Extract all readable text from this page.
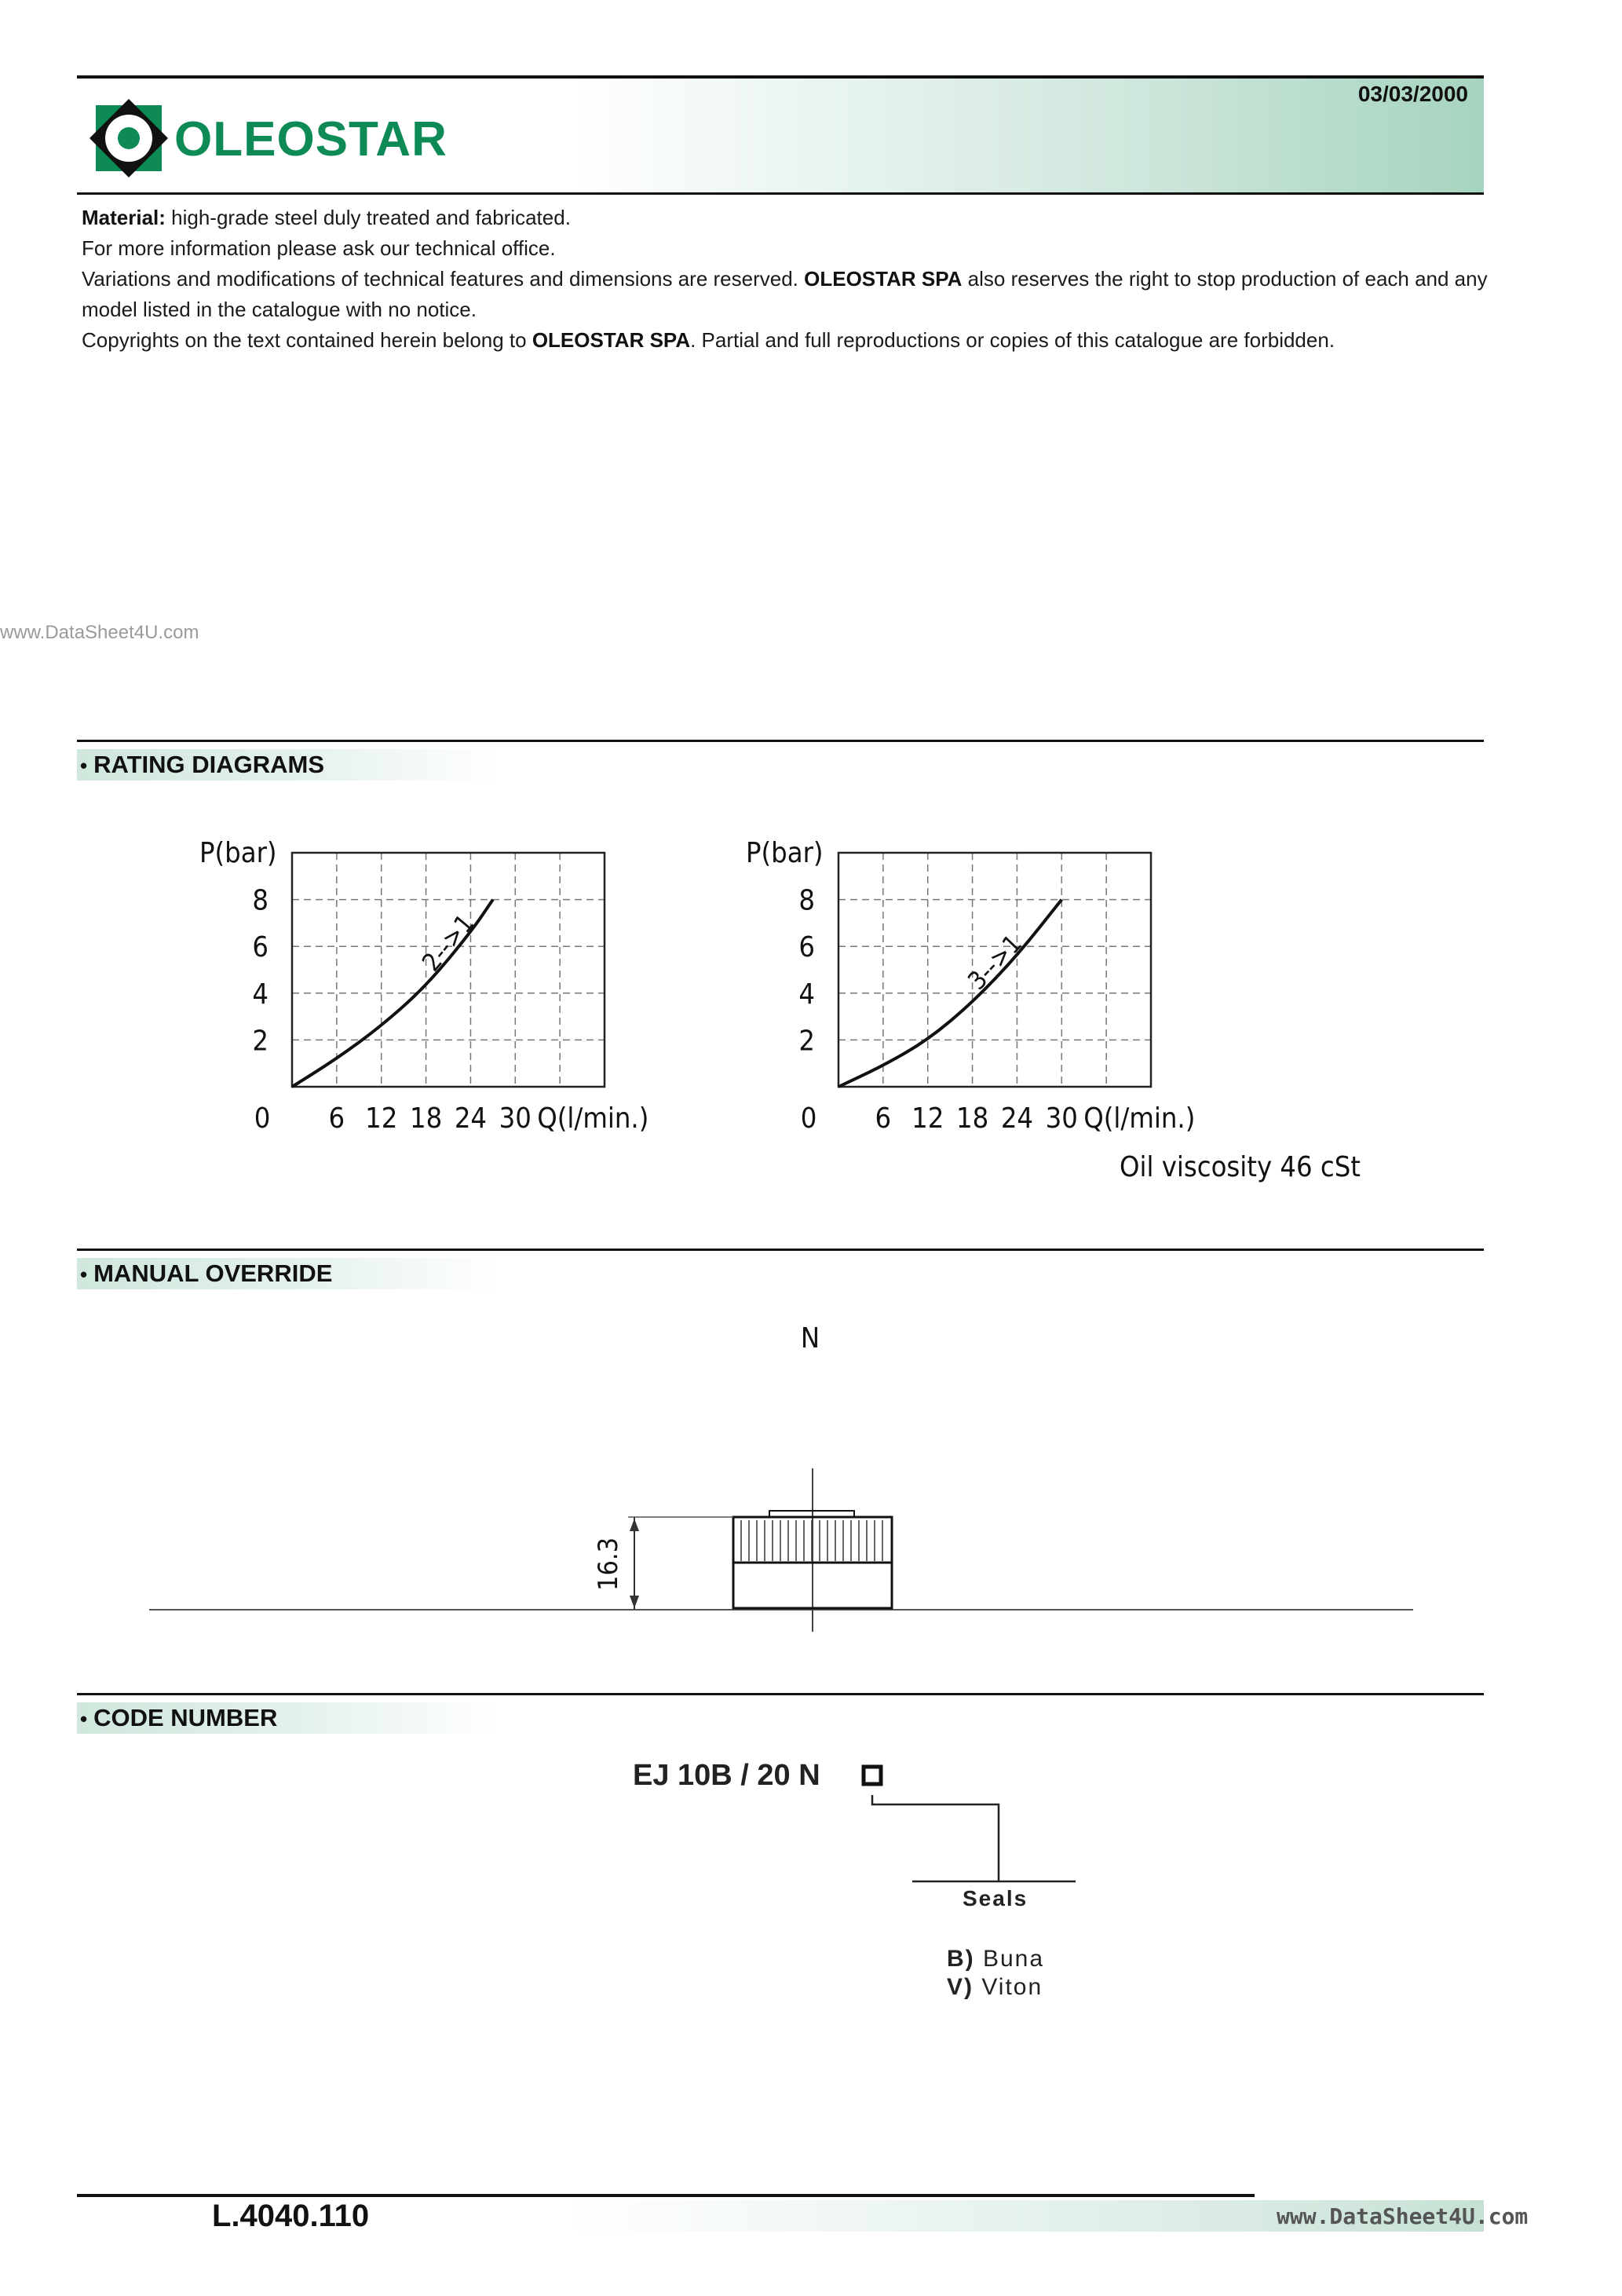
03/03/2000
OLEOSTAR

Material: high-grade steel duly treated and fabricated.

For more information please ask our technical office.

Variations and modifications of technical features and dimensions are reserved. OLEOSTAR SPA also reserves the right to stop production of each and any model listed in the catalogue with no notice.

Copyrights on the text contained herein belong to OLEOSTAR SPA. Partial and full reproductions or copies of this catalogue are forbidden.

www.DataSheet4U.com
• RATING DIAGRAMS
P(bar)
2
4
6
8
0 6 12 18 24 30 Q(l/min.)
2-->1
P(bar)
2
4
6
8
0 6 12 18 24 30 Q(l/min.)
3-->1
Oil viscosity 46 cSt
• MANUAL OVERRIDE
N
16.3
• CODE NUMBER
EJ 10B / 20 N
Seals
B) Buna
V) Viton
L.4040.110	www.DataSheet4U.com
